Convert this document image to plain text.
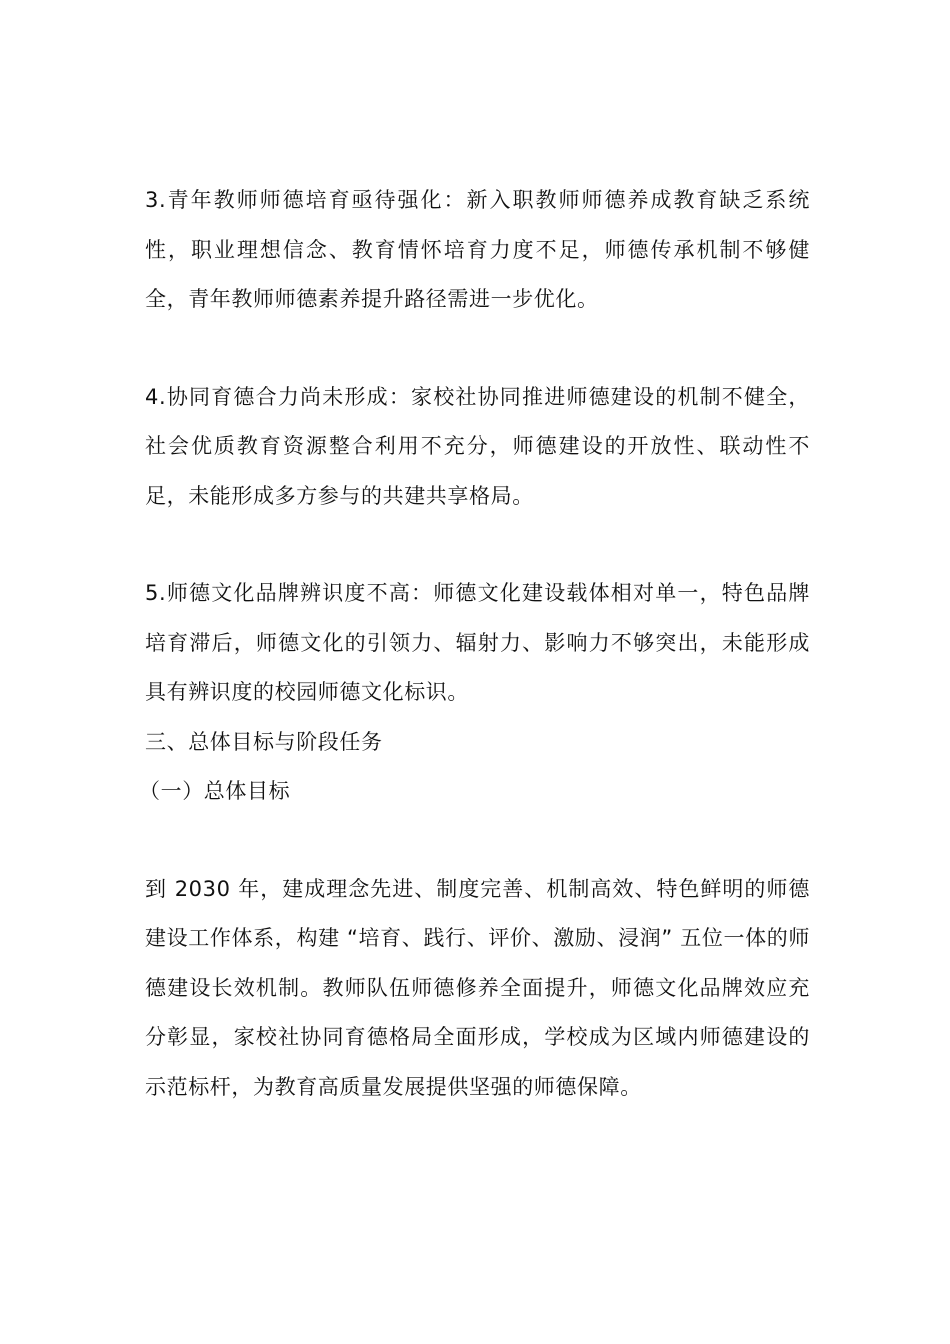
3.青年教师师德培育亟待强化：新入职教师师德养成教育缺乏系统性，职业理想信念、教育情怀培育力度不足，师德传承机制不够健全，青年教师师德素养提升路径需进一步优化。

4.协同育德合力尚未形成：家校社协同推进师德建设的机制不健全，社会优质教育资源整合利用不充分，师德建设的开放性、联动性不足，未能形成多方参与的共建共享格局。

5.师德文化品牌辨识度不高：师德文化建设载体相对单一，特色品牌培育滞后，师德文化的引领力、辐射力、影响力不够突出，未能形成具有辨识度的校园师德文化标识。

三、总体目标与阶段任务

（一）总体目标

到 2030 年，建成理念先进、制度完善、机制高效、特色鲜明的师德建设工作体系，构建 “培育、践行、评价、激励、浸润” 五位一体的师德建设长效机制。教师队伍师德修养全面提升，师德文化品牌效应充分彰显，家校社协同育德格局全面形成，学校成为区域内师德建设的示范标杆，为教育高质量发展提供坚强的师德保障。
